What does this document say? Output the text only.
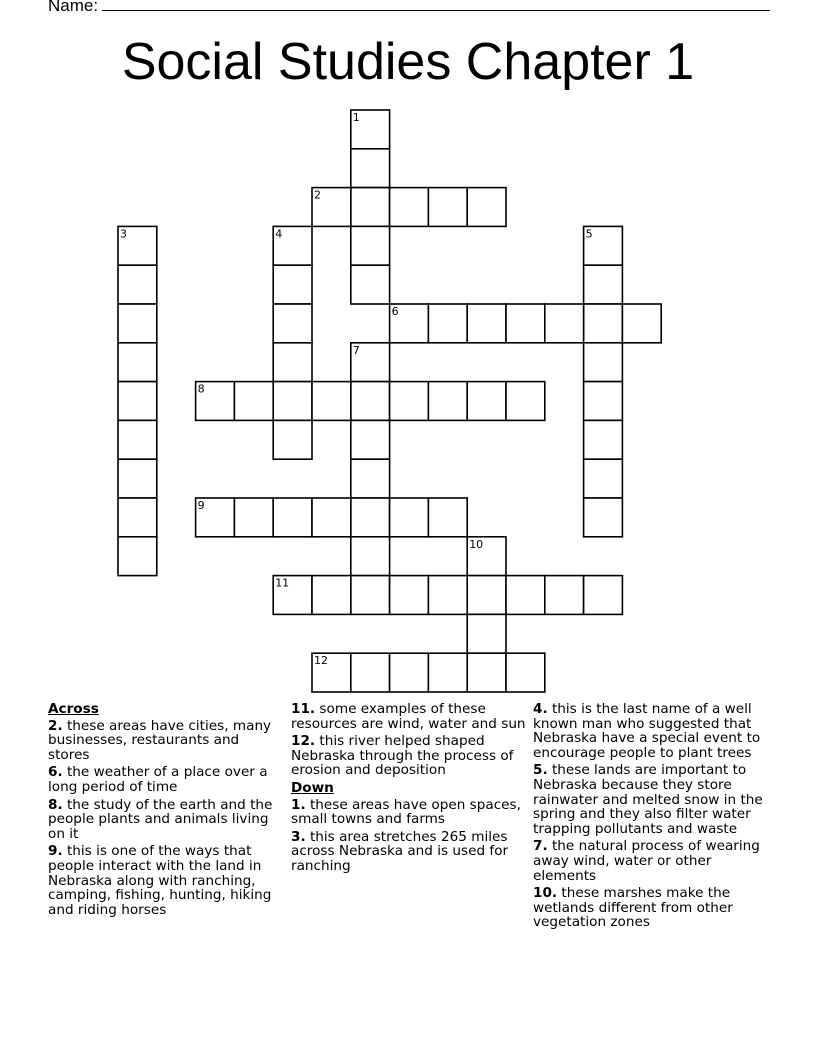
Name:
Social Studies Chapter 1
1
2
3	4	5
6
7
8
9
10
11
12
Across
2. these areas have cities, many businesses, restaurants and stores
6. the weather of a place over a long period of time
8. the study of the earth and the people plants and animals living on it
9. this is one of the ways that people interact with the land in Nebraska along with ranching, camping, fishing, hunting, hiking and riding horses
11. some examples of these resources are wind, water and sun
12. this river helped shaped Nebraska through the process of erosion and deposition
Down
1. these areas have open spaces, small towns and farms
3. this area stretches 265 miles across Nebraska and is used for ranching
4. this is the last name of a well known man who suggested that Nebraska have a special event to encourage people to plant trees
5. these lands are important to Nebraska because they store rainwater and melted snow in the spring and they also filter water trapping pollutants and waste
7. the natural process of wearing away wind, water or other elements
10. these marshes make the wetlands different from other vegetation zones
